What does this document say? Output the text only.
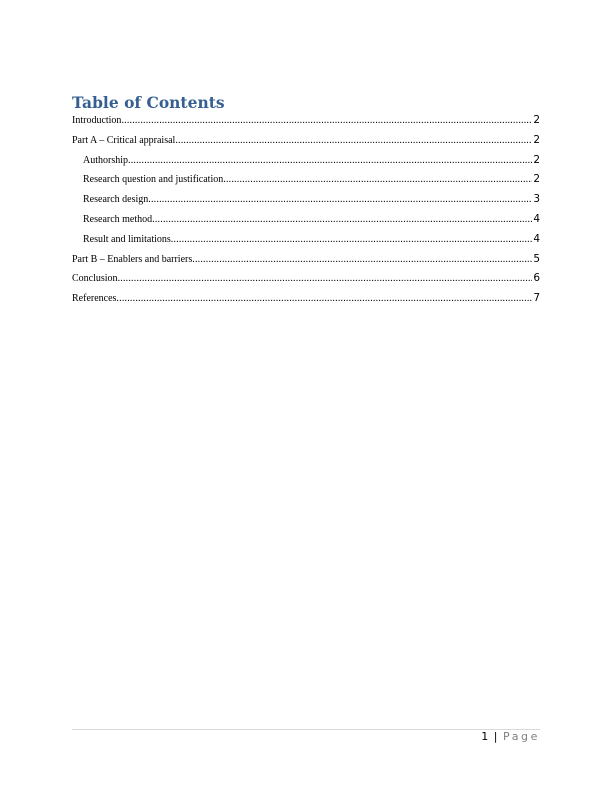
Table of Contents
Introduction .....	2
Part A – Critical appraisal .....	2
Authorship .....	2
Research question and justification .....	2
Research design .....	3
Research method .....	4
Result and limitations .....	4
Part B – Enablers and barriers .....	5
Conclusion .....	6
References .....	7
1 | Page
